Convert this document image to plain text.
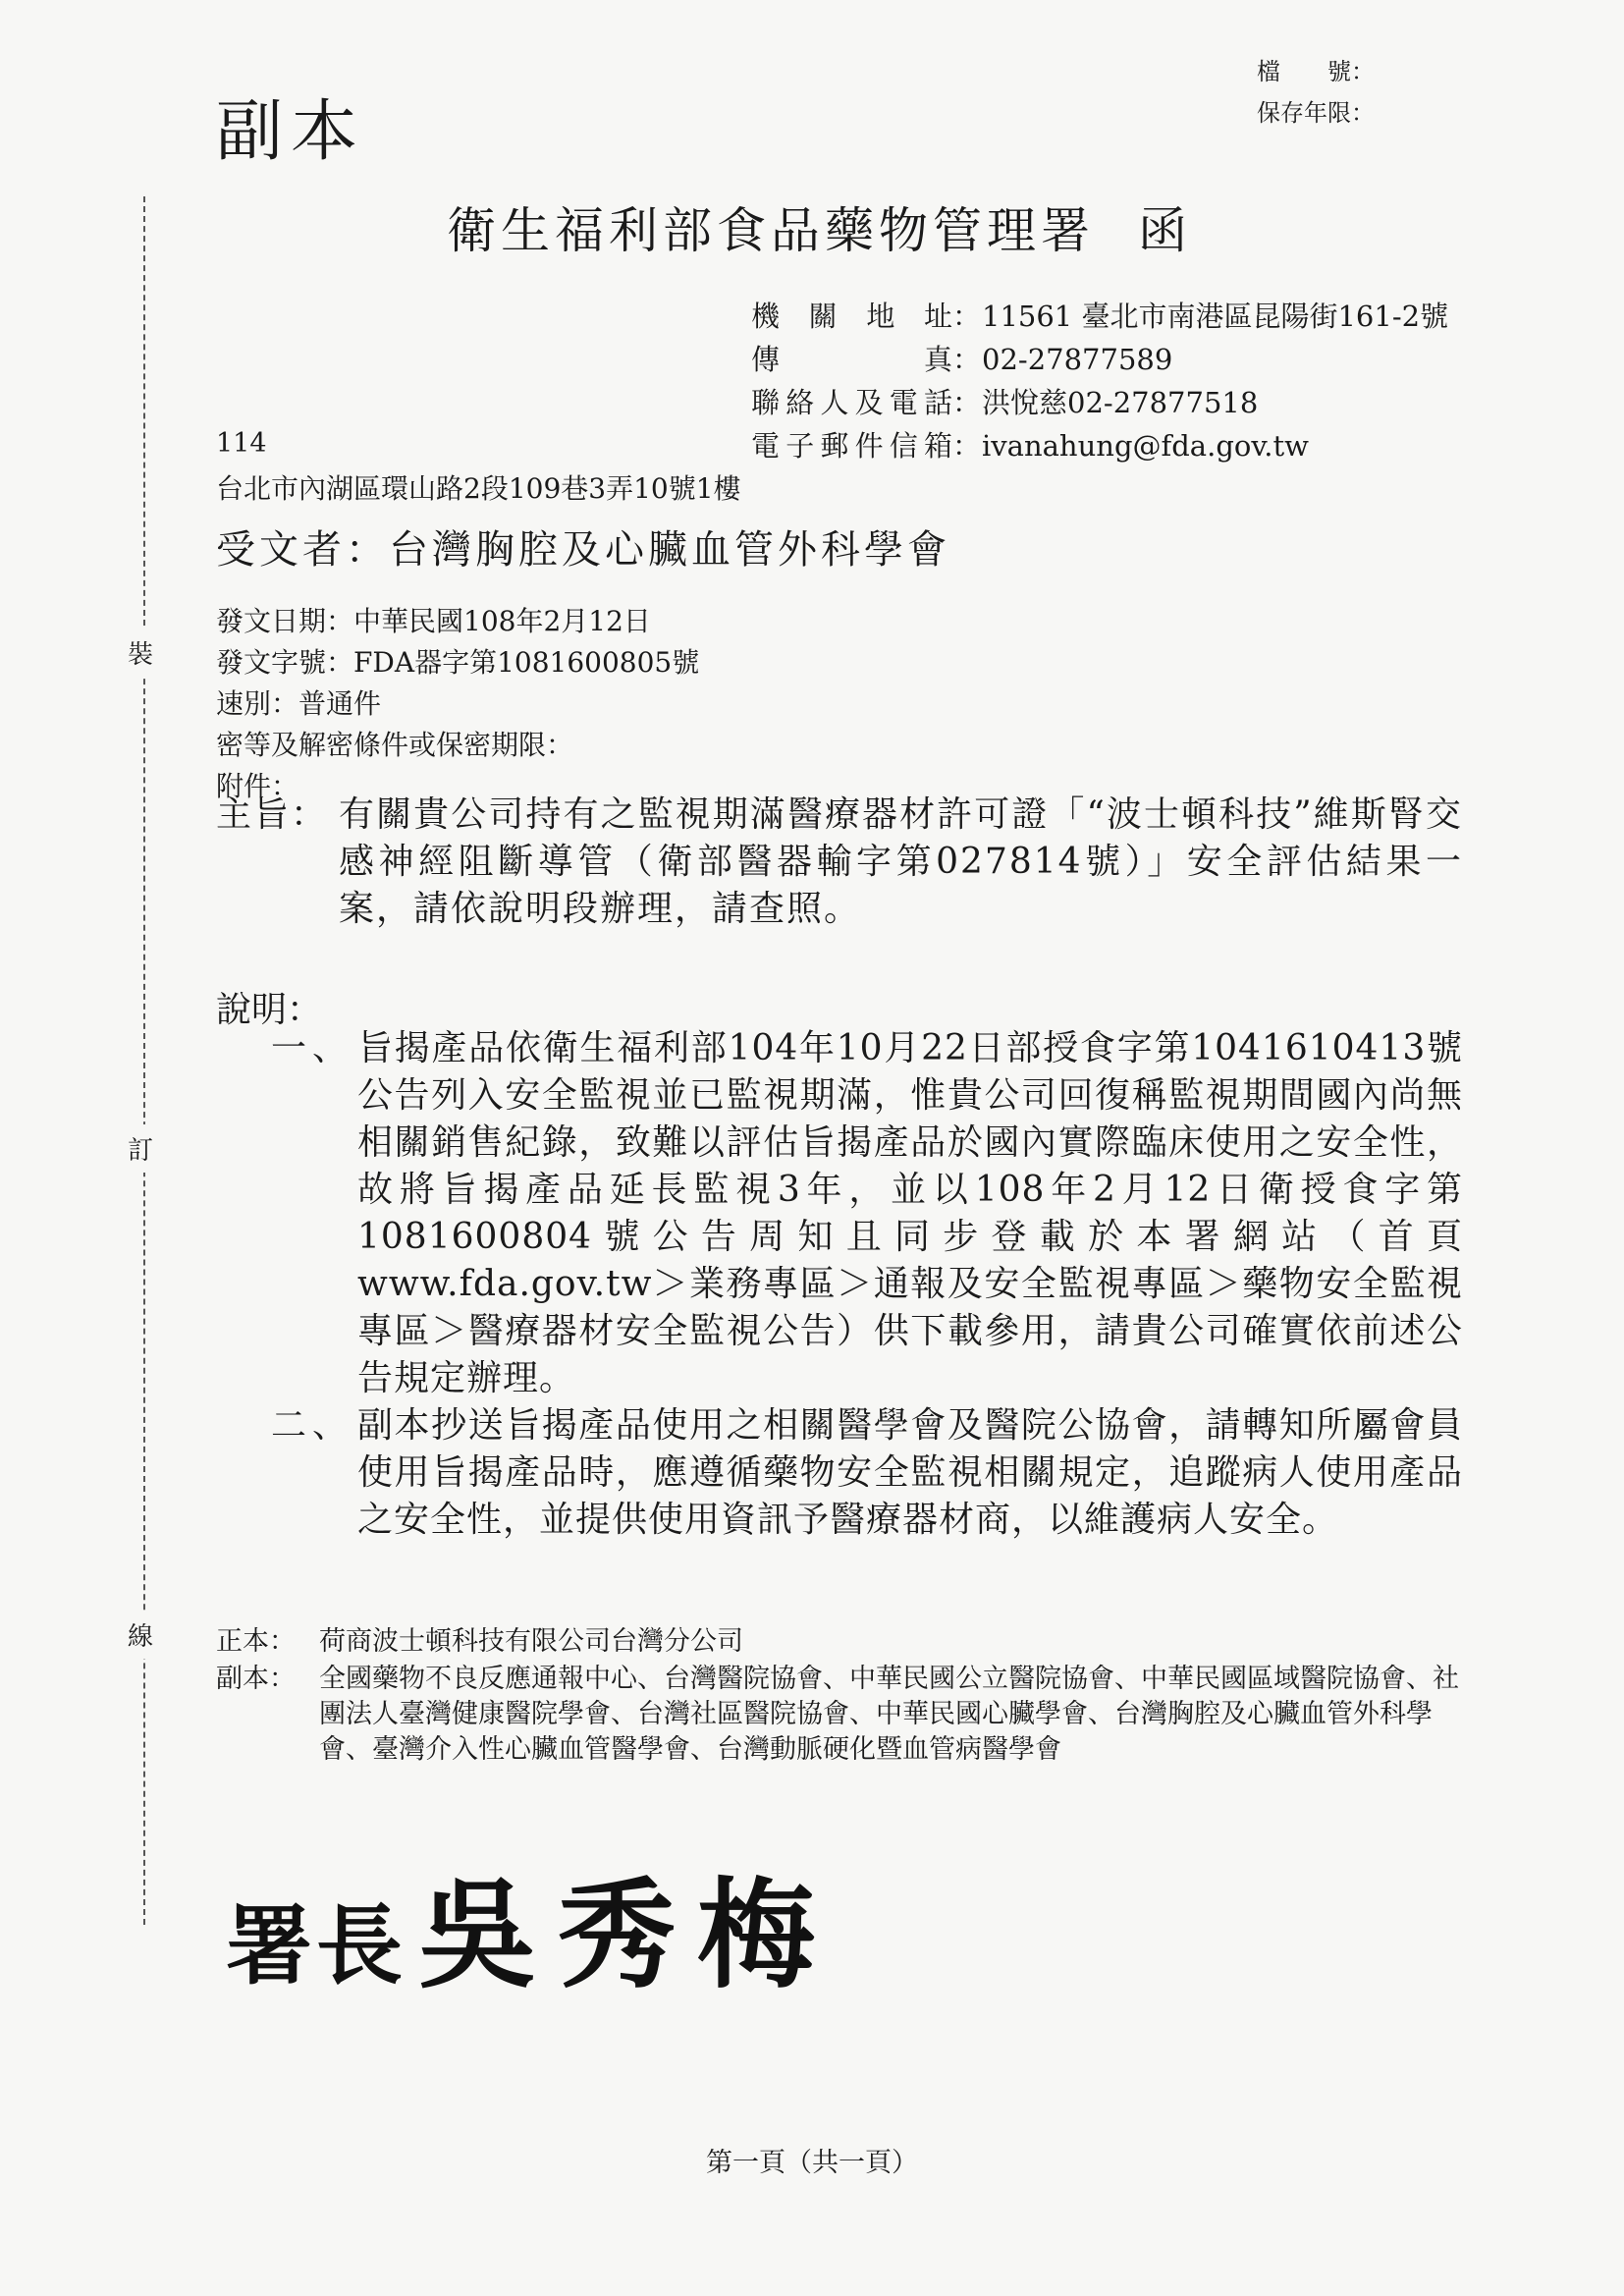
副本
檔　　號：
保存年限：
裝
訂
線
衛生福利部食品藥物管理署 函
機關地址 ： 11561 臺北市南港區昆陽街161-2號
傳真 ： 02-27877589
聯絡人及電話 ： 洪悅慈02-27877518
電子郵件信箱 ： ivanahung@fda.gov.tw
114
台北市內湖區環山路2段109巷3弄10號1樓
受文者：台灣胸腔及心臟血管外科學會
發文日期：中華民國108年2月12日
發文字號：FDA器字第1081600805號
速別：普通件
密等及解密條件或保密期限：
附件：
主旨： 有關貴公司持有之監視期滿醫療器材許可證「“波士頓科技”維斯腎交感神經阻斷導管（衛部醫器輸字第027814號）」安全評估結果一案，請依說明段辦理，請查照。
說明：
一、 旨揭產品依衛生福利部104年10月22日部授食字第1041610413號公告列入安全監視並已監視期滿，惟貴公司回復稱監視期間國內尚無相關銷售紀錄，致難以評估旨揭產品於國內實際臨床使用之安全性，故將旨揭產品延長監視3年，並以108年2月12日衛授食字第1081600804號公告周知且同步登載於本署網站（首頁www.fda.gov.tw＞業務專區＞通報及安全監視專區＞藥物安全監視專區＞醫療器材安全監視公告）供下載參用，請貴公司確實依前述公告規定辦理。
二、 副本抄送旨揭產品使用之相關醫學會及醫院公協會，請轉知所屬會員使用旨揭產品時，應遵循藥物安全監視相關規定，追蹤病人使用產品之安全性，並提供使用資訊予醫療器材商，以維護病人安全。
正本： 荷商波士頓科技有限公司台灣分公司
副本： 全國藥物不良反應通報中心、台灣醫院協會、中華民國公立醫院協會、中華民國區域醫院協會、社團法人臺灣健康醫院學會、台灣社區醫院協會、中華民國心臟學會、台灣胸腔及心臟血管外科學會、臺灣介入性心臟血管醫學會、台灣動脈硬化暨血管病醫學會
署長 吳秀梅
第一頁（共一頁）
